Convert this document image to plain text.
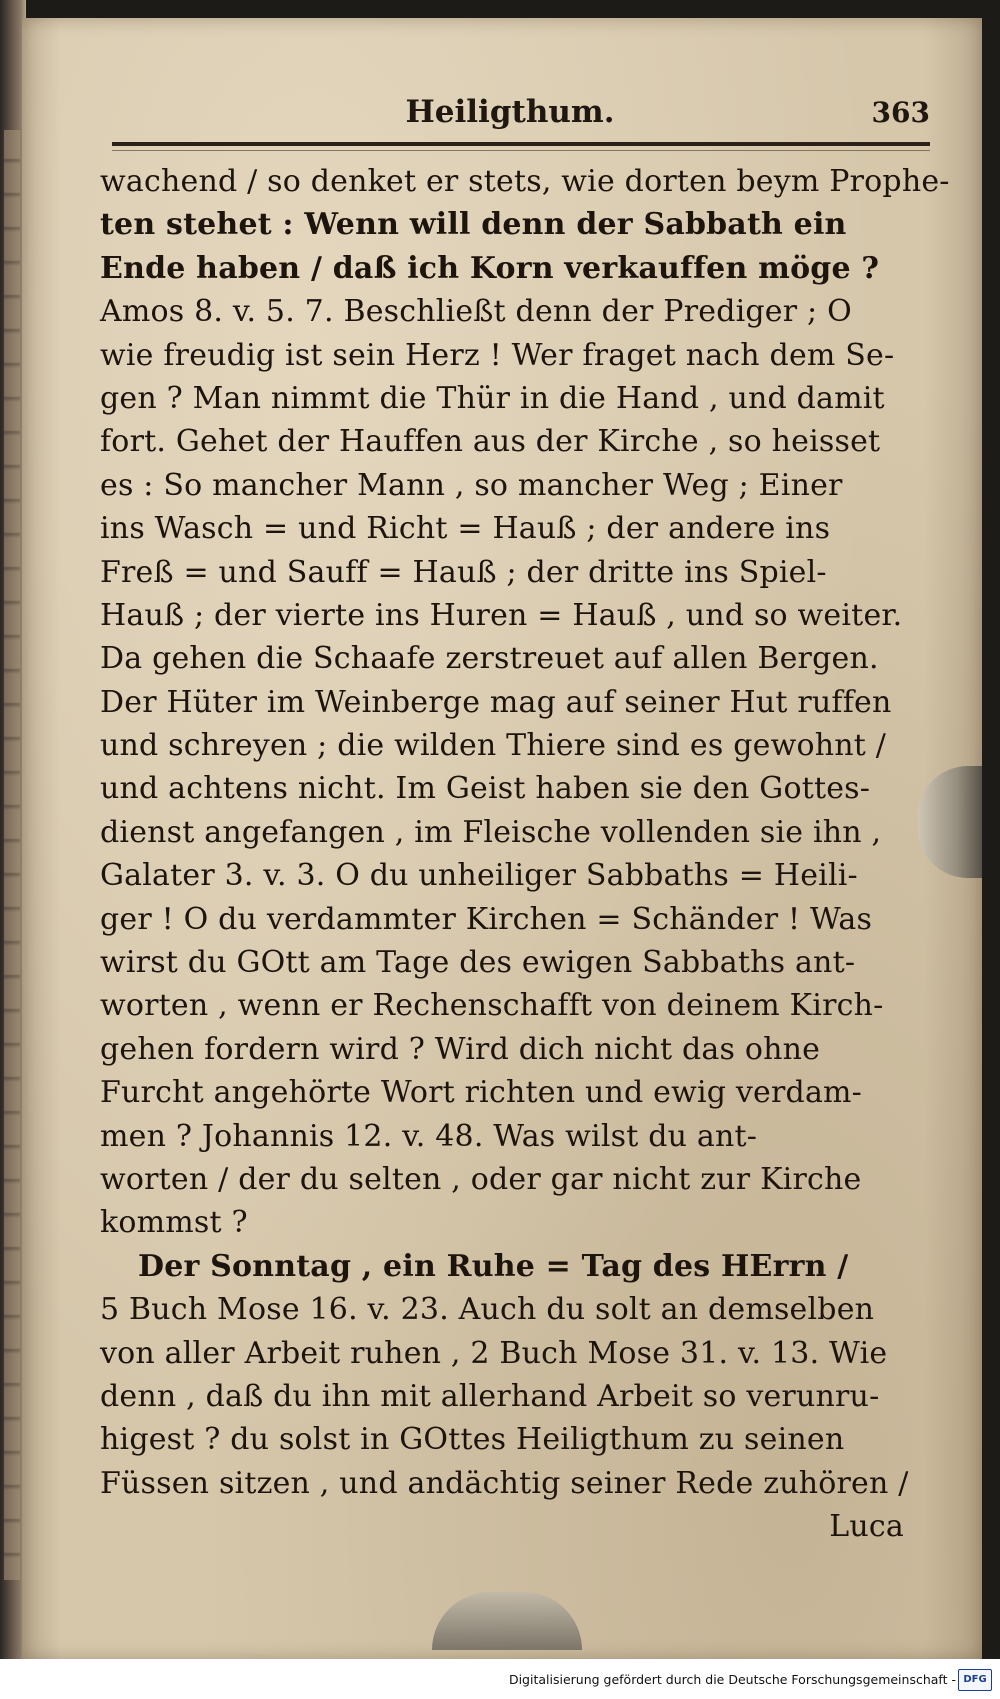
Heiligthum.	363
wachend / so denket er stets, wie dorten beym Prophe-
ten stehet : Wenn will denn der Sabbath ein
Ende haben / daß ich Korn verkauffen möge ?
Amos 8. v. 5. 7. Beschließt denn der Prediger ; O
wie freudig ist sein Herz ! Wer fraget nach dem Se-
gen ? Man nimmt die Thür in die Hand , und damit
fort. Gehet der Hauffen aus der Kirche , so heisset
es : So mancher Mann , so mancher Weg ; Einer
ins Wasch = und Richt = Hauß ; der andere ins
Freß = und Sauff = Hauß ; der dritte ins Spiel-
Hauß ; der vierte ins Huren = Hauß , und so weiter.
Da gehen die Schaafe zerstreuet auf allen Bergen.
Der Hüter im Weinberge mag auf seiner Hut ruffen
und schreyen ; die wilden Thiere sind es gewohnt /
und achtens nicht. Im Geist haben sie den Gottes-
dienst angefangen , im Fleische vollenden sie ihn ,
Galater 3. v. 3. O du unheiliger Sabbaths = Heili-
ger ! O du verdammter Kirchen = Schänder ! Was
wirst du GOtt am Tage des ewigen Sabbaths ant-
worten , wenn er Rechenschafft von deinem Kirch-
gehen fordern wird ? Wird dich nicht das ohne
Furcht angehörte Wort richten und ewig verdam-
men ? Johannis 12. v. 48. Was wilst du ant-
worten / der du selten , oder gar nicht zur Kirche
kommst ?
Der Sonntag , ein Ruhe = Tag des HErrn /
5 Buch Mose 16. v. 23. Auch du solt an demselben
von aller Arbeit ruhen , 2 Buch Mose 31. v. 13. Wie
denn , daß du ihn mit allerhand Arbeit so verunru-
higest ? du solst in GOttes Heiligthum zu seinen
Füssen sitzen , und andächtig seiner Rede zuhören /
Luca
Digitalisierung gefördert durch die Deutsche Forschungsgemeinschaft - DFG
